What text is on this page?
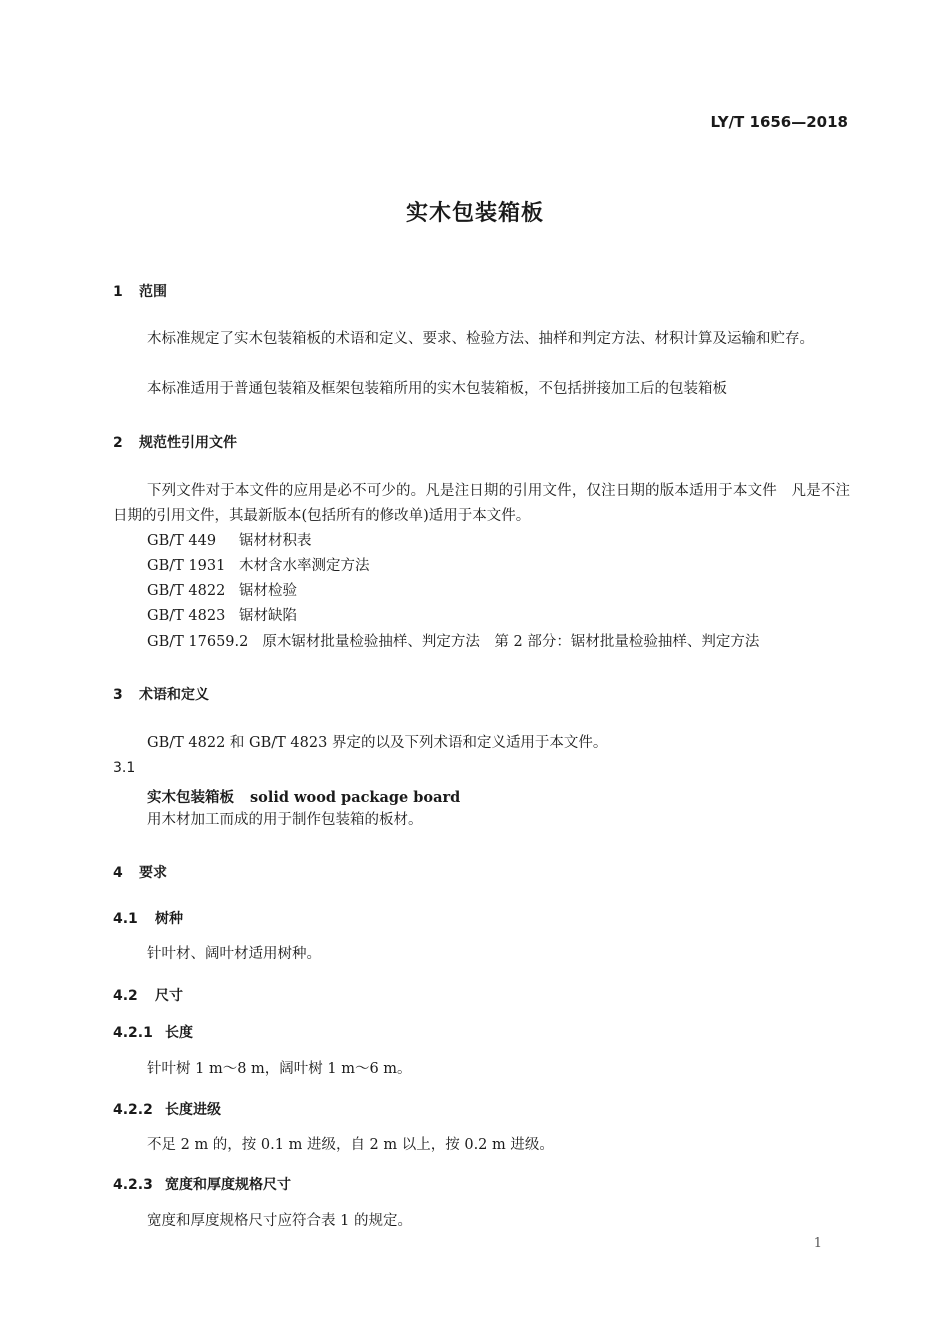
LY/T 1656—2018
实木包装箱板
1 范围
木标准规定了实木包装箱板的术语和定义、要求、检验方法、抽样和判定方法、材积计算及运输和贮存。
本标准适用于普通包装箱及框架包装箱所用的实木包装箱板，不包括拼接加工后的包装箱板
2 规范性引用文件
下列文件对于本文件的应用是必不可少的。凡是注日期的引用文件，仅注日期的版本适用于本文件　凡是不注日期的引用文件，其最新版本(包括所有的修改单)适用于本文件。
GB/T 449 锯材材积表
GB/T 1931 木材含水率测定方法
GB/T 4822 锯材检验
GB/T 4823 锯材缺陷
GB/T 17659.2 原木锯材批量检验抽样、判定方法　第 2 部分：锯材批量检验抽样、判定方法
3 术语和定义
GB/T 4822 和 GB/T 4823 界定的以及下列术语和定义适用于本文件。
3.1
实木包装箱板 solid wood package board
用木材加工而成的用于制作包装箱的板材。
4 要求
4.1 树种
针叶材、阔叶材适用树种。
4.2 尺寸
4.2.1 长度
针叶树 1 m～8 m，阔叶树 1 m～6 m。
4.2.2 长度进级
不足 2 m 的，按 0.1 m 进级，自 2 m 以上，按 0.2 m 进级。
4.2.3 宽度和厚度规格尺寸
宽度和厚度规格尺寸应符合表 1 的规定。
1
